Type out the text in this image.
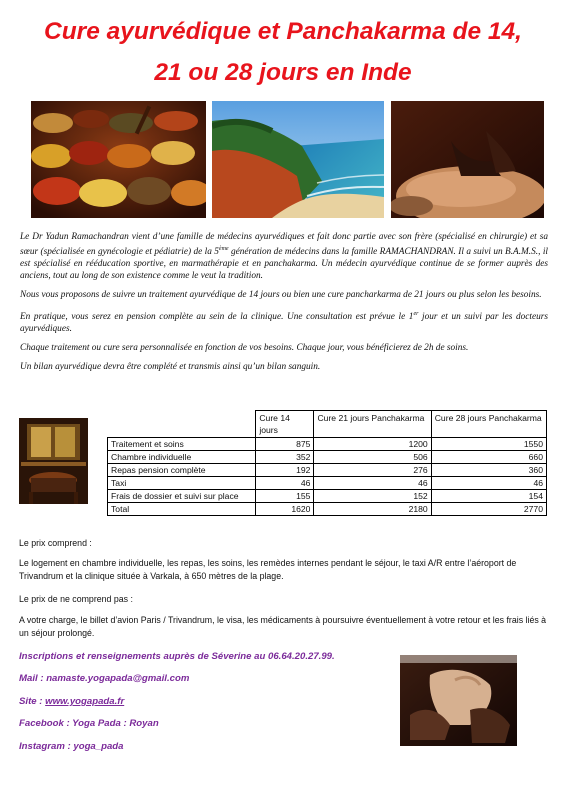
Cure ayurvédique et Panchakarma de 14,
21 ou 28 jours en Inde

Le Dr Yadun Ramachandran vient d’une famille de médecins ayurvédiques et fait donc partie avec son frère (spécialisé en chirurgie) et sa sœur (spécialisée en gynécologie et pédiatrie) de la 5ème génération de médecins dans la famille RAMACHANDRAN. Il a suivi un B.A.M.S., il est spécialisé en rééducation sportive, en marmathérapie et en panchakarma. Un médecin ayurvédique continue de se former auprès des anciens, tout au long de son existence comme le veut la tradition.

Nous vous proposons de suivre un traitement ayurvédique de 14 jours ou bien une cure pancharkarma de 21 jours ou plus selon les besoins.

En pratique, vous serez en pension complète au sein de la clinique. Une consultation est prévue le 1er jour et un suivi par les docteurs ayurvédiques.

Chaque traitement ou cure sera personnalisée en fonction de vos besoins. Chaque jour, vous bénéficierez de 2h de soins.

Un bilan ayurvédique devra être complété et transmis ainsi qu’un bilan sanguin.

	Cure 14 jours	Cure 21 jours Panchakarma	Cure 28 jours Panchakarma
Traitement et soins	875	1200	1550
Chambre individuelle	352	506	660
Repas pension complète	192	276	360
Taxi	46	46	46
Frais de dossier et suivi sur place	155	152	154
Total	1620	2180	2770
Le prix comprend :
Le logement en chambre individuelle, les repas, les soins, les remèdes internes pendant le séjour, le taxi A/R entre l’aéroport de Trivandrum et la clinique située à Varkala, à 650 mètres de la plage.
Le prix de ne comprend pas :
A votre charge, le billet d’avion Paris / Trivandrum, le visa, les médicaments à poursuivre éventuellement à votre retour et les frais liés à un séjour prolongé.
Inscriptions et renseignements auprès de Séverine au 06.64.20.27.99.
Mail : namaste.yogapada@gmail.com
Site : www.yogapada.fr
Facebook : Yoga Pada : Royan
Instagram : yoga_pada
